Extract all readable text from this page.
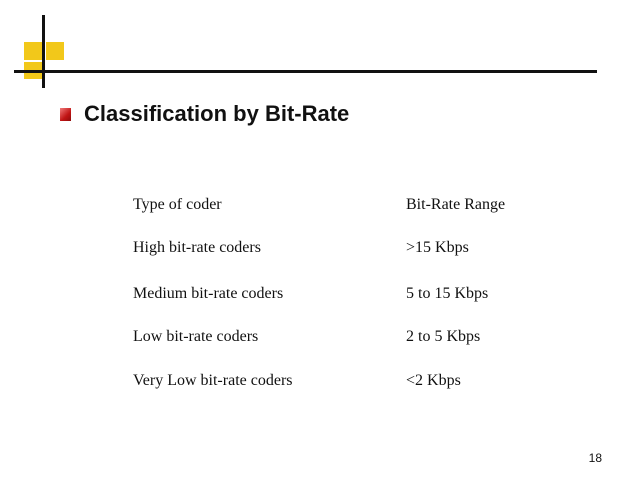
Classification by Bit-Rate
Type of coder	Bit-Rate Range
High bit-rate coders	>15 Kbps
Medium bit-rate coders	5 to 15 Kbps
Low bit-rate coders	2 to 5 Kbps
Very Low bit-rate coders	<2 Kbps
18
